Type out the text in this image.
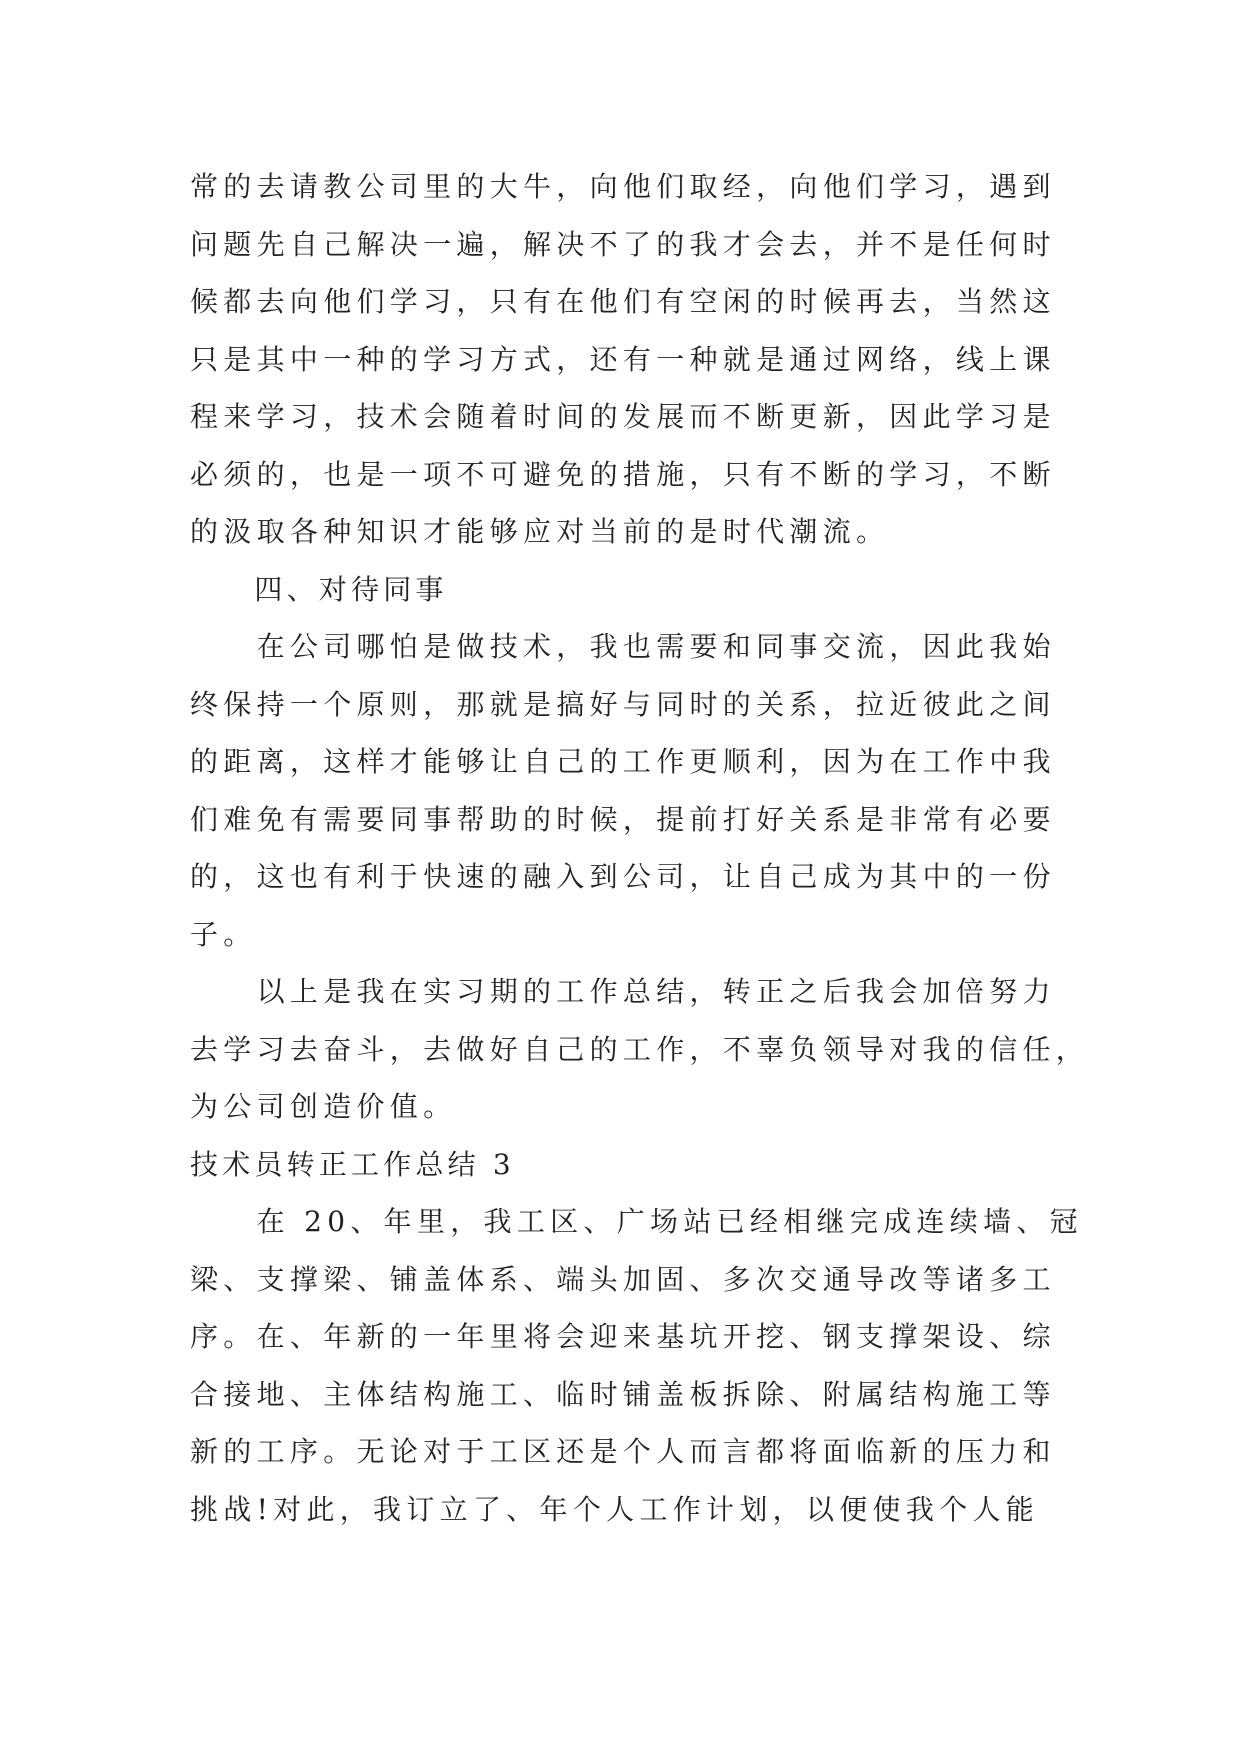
常的去请教公司里的大牛，向他们取经，向他们学习，遇到
问题先自己解决一遍，解决不了的我才会去，并不是任何时
候都去向他们学习，只有在他们有空闲的时候再去，当然这
只是其中一种的学习方式，还有一种就是通过网络，线上课
程来学习，技术会随着时间的发展而不断更新，因此学习是
必须的，也是一项不可避免的措施，只有不断的学习，不断
的汲取各种知识才能够应对当前的是时代潮流。
　　四、对待同事
　　在公司哪怕是做技术，我也需要和同事交流，因此我始
终保持一个原则，那就是搞好与同时的关系，拉近彼此之间
的距离，这样才能够让自己的工作更顺利，因为在工作中我
们难免有需要同事帮助的时候，提前打好关系是非常有必要
的，这也有利于快速的融入到公司，让自己成为其中的一份
子。
　　以上是我在实习期的工作总结，转正之后我会加倍努力
去学习去奋斗，去做好自己的工作，不辜负领导对我的信任，
为公司创造价值。
技术员转正工作总结 3
　　在 20、年里，我工区、广场站已经相继完成连续墙、冠
梁、支撑梁、铺盖体系、端头加固、多次交通导改等诸多工
序。在、年新的一年里将会迎来基坑开挖、钢支撑架设、综
合接地、主体结构施工、临时铺盖板拆除、附属结构施工等
新的工序。无论对于工区还是个人而言都将面临新的压力和
挑战!对此，我订立了、年个人工作计划，以便使我个人能
